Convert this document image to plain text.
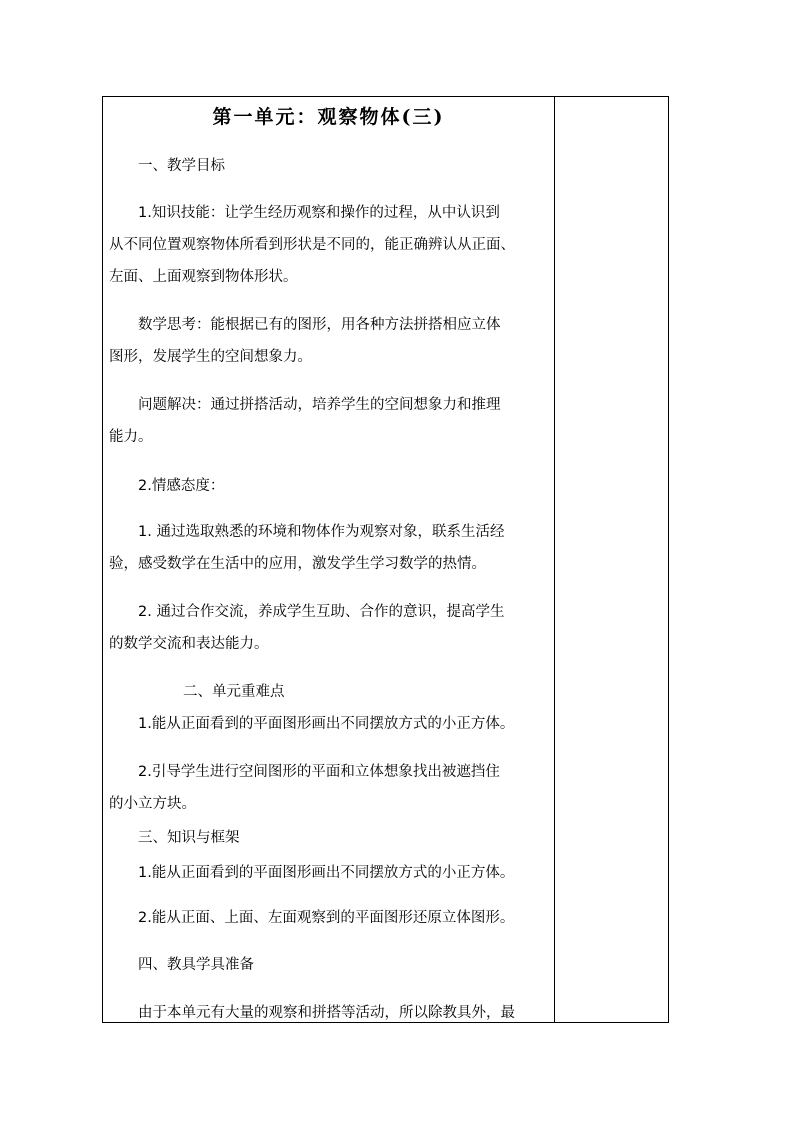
第一单元：观察物体(三)
一、教学目标
1.知识技能：让学生经历观察和操作的过程，从中认识到
从不同位置观察物体所看到形状是不同的，能正确辨认从正面、
左面、上面观察到物体形状。
数学思考：能根据已有的图形，用各种方法拼搭相应立体
图形，发展学生的空间想象力。
问题解决：通过拼搭活动，培养学生的空间想象力和推理
能力。
2.情感态度：
1. 通过选取熟悉的环境和物体作为观察对象，联系生活经
验，感受数学在生活中的应用，激发学生学习数学的热情。
2. 通过合作交流，养成学生互助、合作的意识，提高学生
的数学交流和表达能力。
二、单元重难点
1.能从正面看到的平面图形画出不同摆放方式的小正方体。
2.引导学生进行空间图形的平面和立体想象找出被遮挡住
的小立方块。
三、知识与框架
1.能从正面看到的平面图形画出不同摆放方式的小正方体。
2.能从正面、上面、左面观察到的平面图形还原立体图形。
四、教具学具准备
由于本单元有大量的观察和拼搭等活动，所以除教具外，最
